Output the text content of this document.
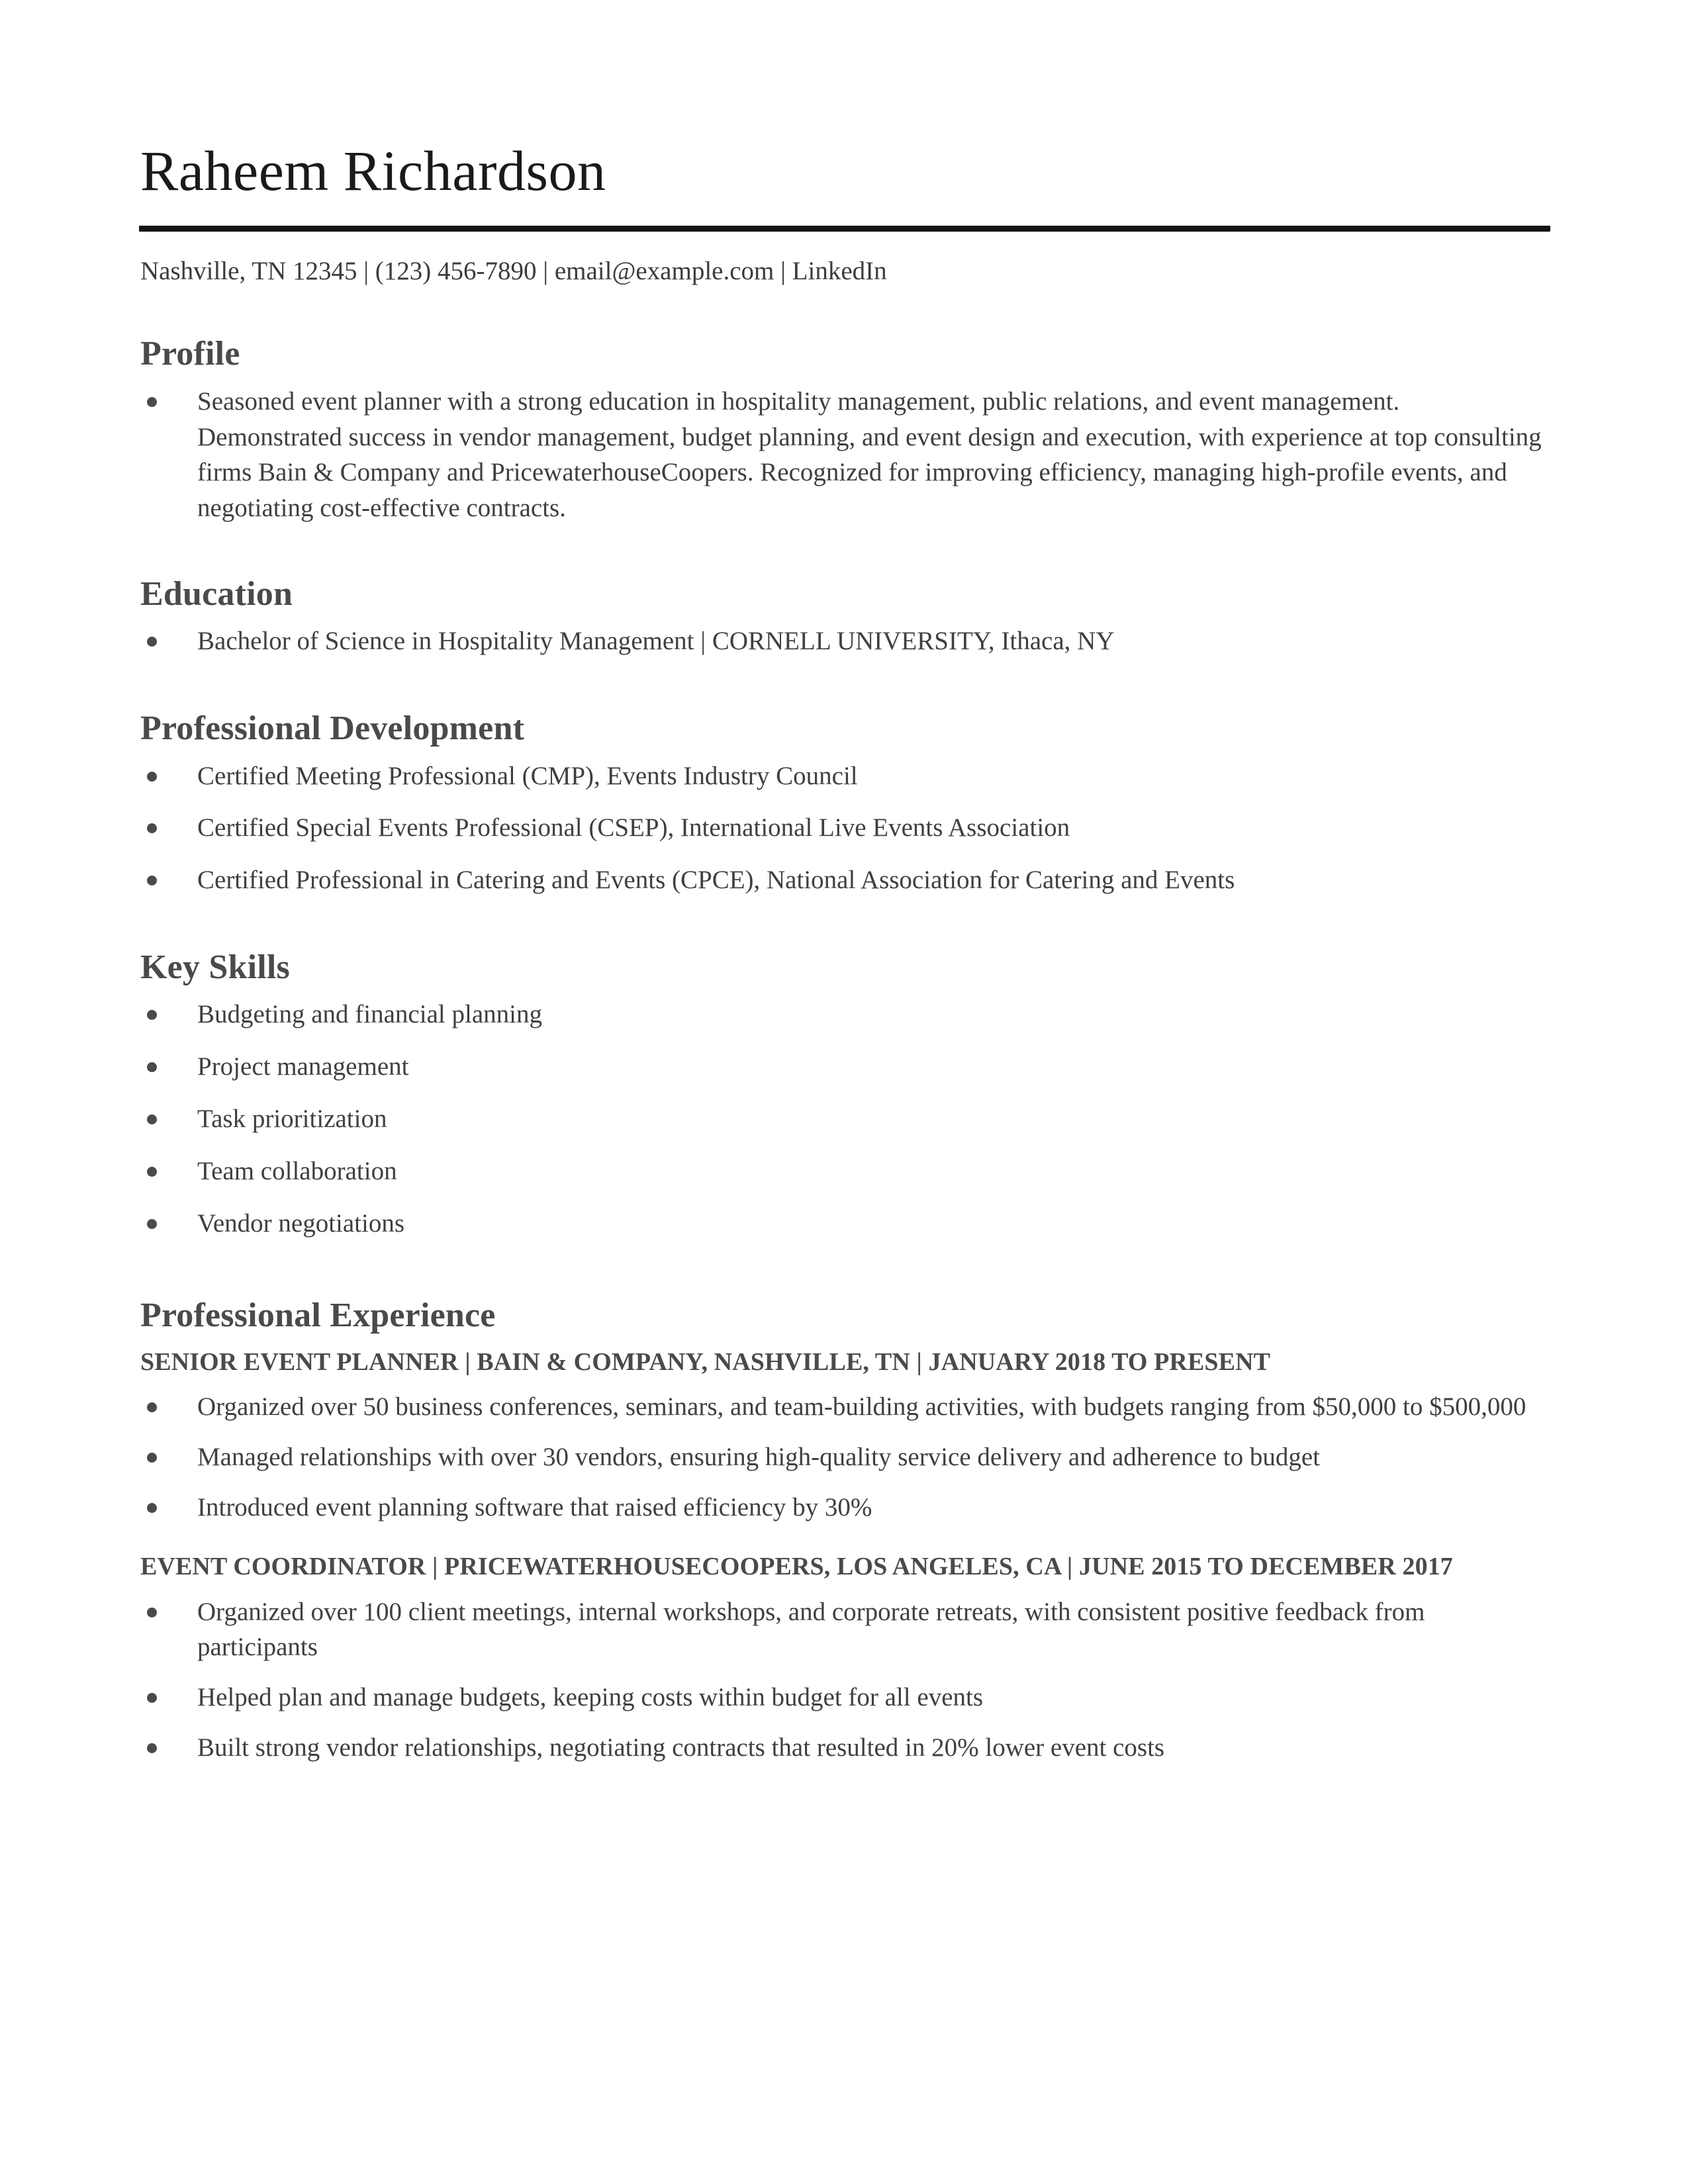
Raheem Richardson
Nashville, TN 12345 | (123) 456-7890 | email@example.com | LinkedIn
Profile
Seasoned event planner with a strong education in hospitality management, public relations, and event management. Demonstrated success in vendor management, budget planning, and event design and execution, with experience at top consulting firms Bain & Company and PricewaterhouseCoopers. Recognized for improving efficiency, managing high-profile events, and negotiating cost-effective contracts.
Education
Bachelor of Science in Hospitality Management | CORNELL UNIVERSITY, Ithaca, NY
Professional Development
Certified Meeting Professional (CMP), Events Industry Council
Certified Special Events Professional (CSEP), International Live Events Association
Certified Professional in Catering and Events (CPCE), National Association for Catering and Events
Key Skills
Budgeting and financial planning
Project management
Task prioritization
Team collaboration
Vendor negotiations
Professional Experience
SENIOR EVENT PLANNER | BAIN & COMPANY, NASHVILLE, TN | JANUARY 2018 TO PRESENT
Organized over 50 business conferences, seminars, and team-building activities, with budgets ranging from $50,000 to $500,000
Managed relationships with over 30 vendors, ensuring high-quality service delivery and adherence to budget
Introduced event planning software that raised efficiency by 30%
EVENT COORDINATOR | PRICEWATERHOUSECOOPERS, LOS ANGELES, CA | JUNE 2015 TO DECEMBER 2017
Organized over 100 client meetings, internal workshops, and corporate retreats, with consistent positive feedback from participants
Helped plan and manage budgets, keeping costs within budget for all events
Built strong vendor relationships, negotiating contracts that resulted in 20% lower event costs
